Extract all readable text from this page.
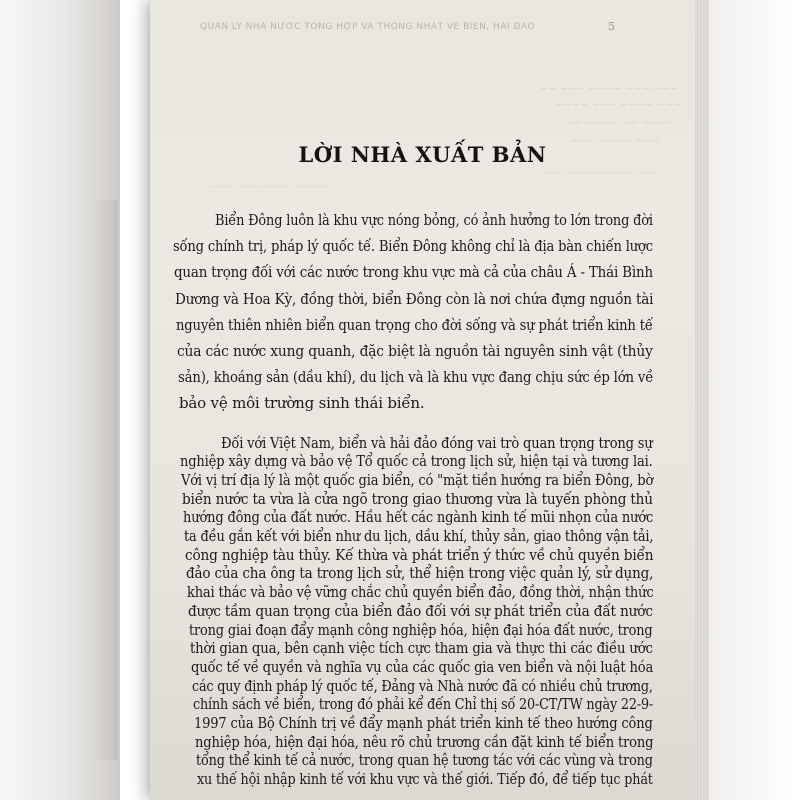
QUẢN LÝ NHÀ NƯỚC TỔNG HỢP VÀ THỐNG NHẤT VỀ BIỂN, HẢI ĐẢO	5
~~ ~~~ ~~~~ ~~~ ~~~
~~~~ ~~~ ~~~~ ~~~
~~ ~~~~ ~~ ~~~~
~~~ ~~~~ ~~~
~~ ~~~~ ~~~~ ~~
~~~ ~~ ~~~~ ~~~~
LỜI NHÀ XUẤT BẢN
Biển Đông luôn là khu vực nóng bỏng, có ảnh hưởng to lớn trong đời
sống chính trị, pháp lý quốc tế. Biển Đông không chỉ là địa bàn chiến lược
quan trọng đối với các nước trong khu vực mà cả của châu Á - Thái Bình
Dương và Hoa Kỳ, đồng thời, biển Đông còn là nơi chứa đựng nguồn tài
nguyên thiên nhiên biển quan trọng cho đời sống và sự phát triển kinh tế
của các nước xung quanh, đặc biệt là nguồn tài nguyên sinh vật (thủy
sản), khoáng sản (dầu khí), du lịch và là khu vực đang chịu sức ép lớn về
bảo vệ môi trường sinh thái biển.
Đối với Việt Nam, biển và hải đảo đóng vai trò quan trọng trong sự
nghiệp xây dựng và bảo vệ Tổ quốc cả trong lịch sử, hiện tại và tương lai.
Với vị trí địa lý là một quốc gia biển, có "mặt tiền hướng ra biển Đông, bờ
biển nước ta vừa là cửa ngõ trong giao thương vừa là tuyến phòng thủ
hướng đông của đất nước. Hầu hết các ngành kinh tế mũi nhọn của nước
ta đều gắn kết với biển như du lịch, dầu khí, thủy sản, giao thông vận tải,
công nghiệp tàu thủy. Kế thừa và phát triển ý thức về chủ quyền biển
đảo của cha ông ta trong lịch sử, thể hiện trong việc quản lý, sử dụng,
khai thác và bảo vệ vững chắc chủ quyền biển đảo, đồng thời, nhận thức
được tầm quan trọng của biển đảo đối với sự phát triển của đất nước
trong giai đoạn đẩy mạnh công nghiệp hóa, hiện đại hóa đất nước, trong
thời gian qua, bên cạnh việc tích cực tham gia và thực thi các điều ước
quốc tế về quyền và nghĩa vụ của các quốc gia ven biển và nội luật hóa
các quy định pháp lý quốc tế, Đảng và Nhà nước đã có nhiều chủ trương,
chính sách về biển, trong đó phải kể đến Chỉ thị số 20-CT/TW ngày 22-9-
1997 của Bộ Chính trị về đẩy mạnh phát triển kinh tế theo hướng công
nghiệp hóa, hiện đại hóa, nêu rõ chủ trương cần đặt kinh tế biển trong
tổng thể kinh tế cả nước, trong quan hệ tương tác với các vùng và trong
xu thế hội nhập kinh tế với khu vực và thế giới. Tiếp đó, để tiếp tục phát
